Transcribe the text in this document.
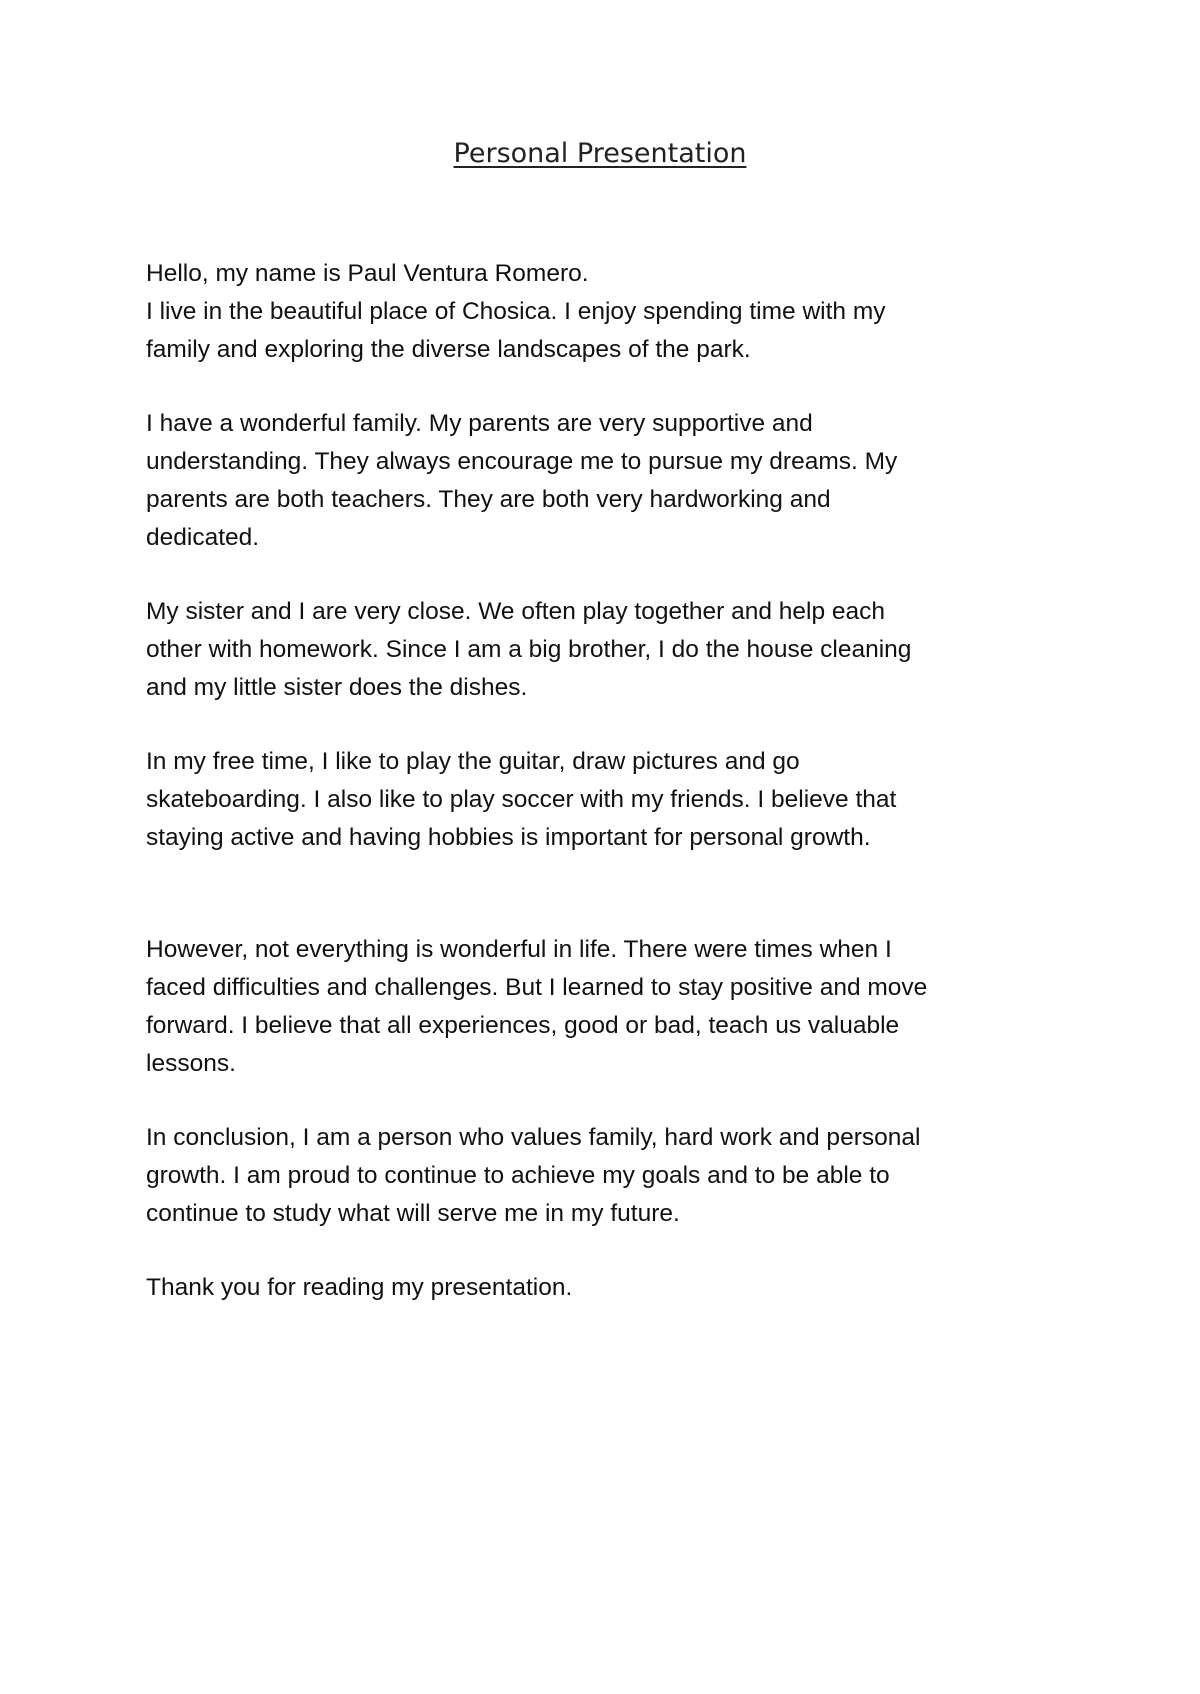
Personal Presentation

Hello, my name is Paul Ventura Romero.
I live in the beautiful place of Chosica. I enjoy spending time with my
family and exploring the diverse landscapes of the park.

I have a wonderful family. My parents are very supportive and
understanding. They always encourage me to pursue my dreams. My
parents are both teachers. They are both very hardworking and
dedicated.

My sister and I are very close. We often play together and help each
other with homework. Since I am a big brother, I do the house cleaning
and my little sister does the dishes.

In my free time, I like to play the guitar, draw pictures and go
skateboarding. I also like to play soccer with my friends. I believe that
staying active and having hobbies is important for personal growth.

However, not everything is wonderful in life. There were times when I
faced difficulties and challenges. But I learned to stay positive and move
forward. I believe that all experiences, good or bad, teach us valuable
lessons.

In conclusion, I am a person who values family, hard work and personal
growth. I am proud to continue to achieve my goals and to be able to
continue to study what will serve me in my future.

Thank you for reading my presentation.
